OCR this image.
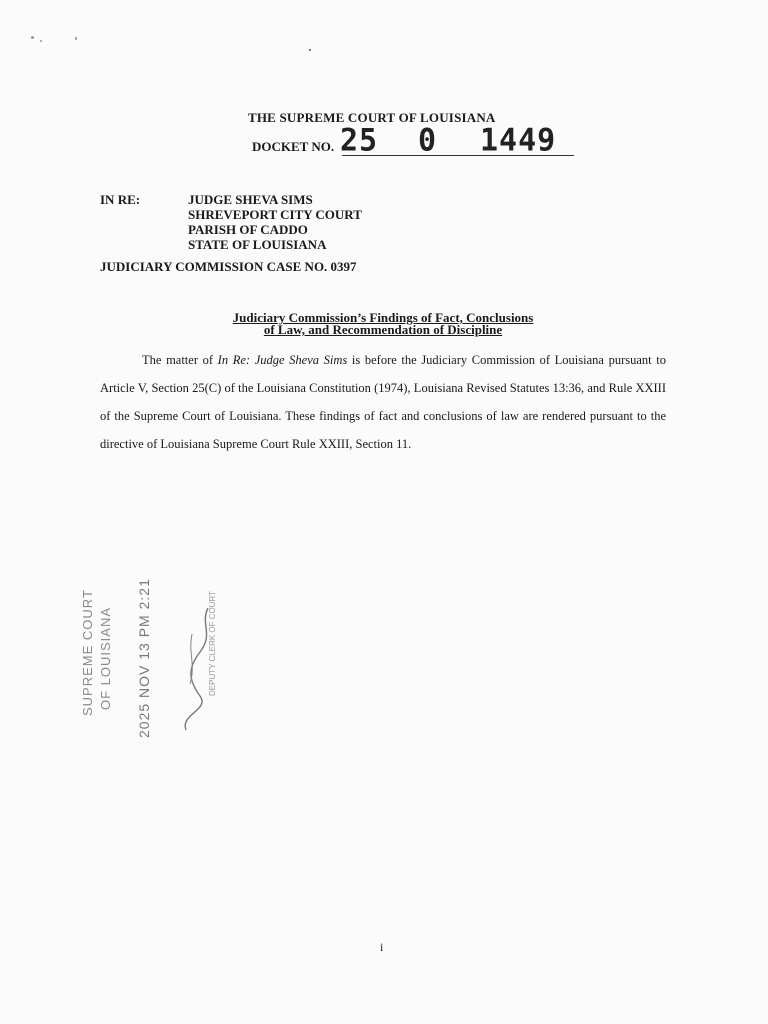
THE SUPREME COURT OF LOUISIANA
DOCKET NO. 25 0 1449
IN RE:	JUDGE SHEVA SIMS
SHREVEPORT CITY COURT
PARISH OF CADDO
STATE OF LOUISIANA
JUDICIARY COMMISSION CASE NO. 0397
Judiciary Commission’s Findings of Fact, Conclusions
of Law, and Recommendation of Discipline
The matter of In Re: Judge Sheva Sims is before the Judiciary Commission of Louisiana pursuant to Article V, Section 25(C) of the Louisiana Constitution (1974), Louisiana Revised Statutes 13:36, and Rule XXIII of the Supreme Court of Louisiana. These findings of fact and conclusions of law are rendered pursuant to the directive of Louisiana Supreme Court Rule XXIII, Section 11.
SUPREME COURT OF LOUISIANA 2025 NOV 13 PM 2:21	DEPUTY CLERK OF COURT
i
